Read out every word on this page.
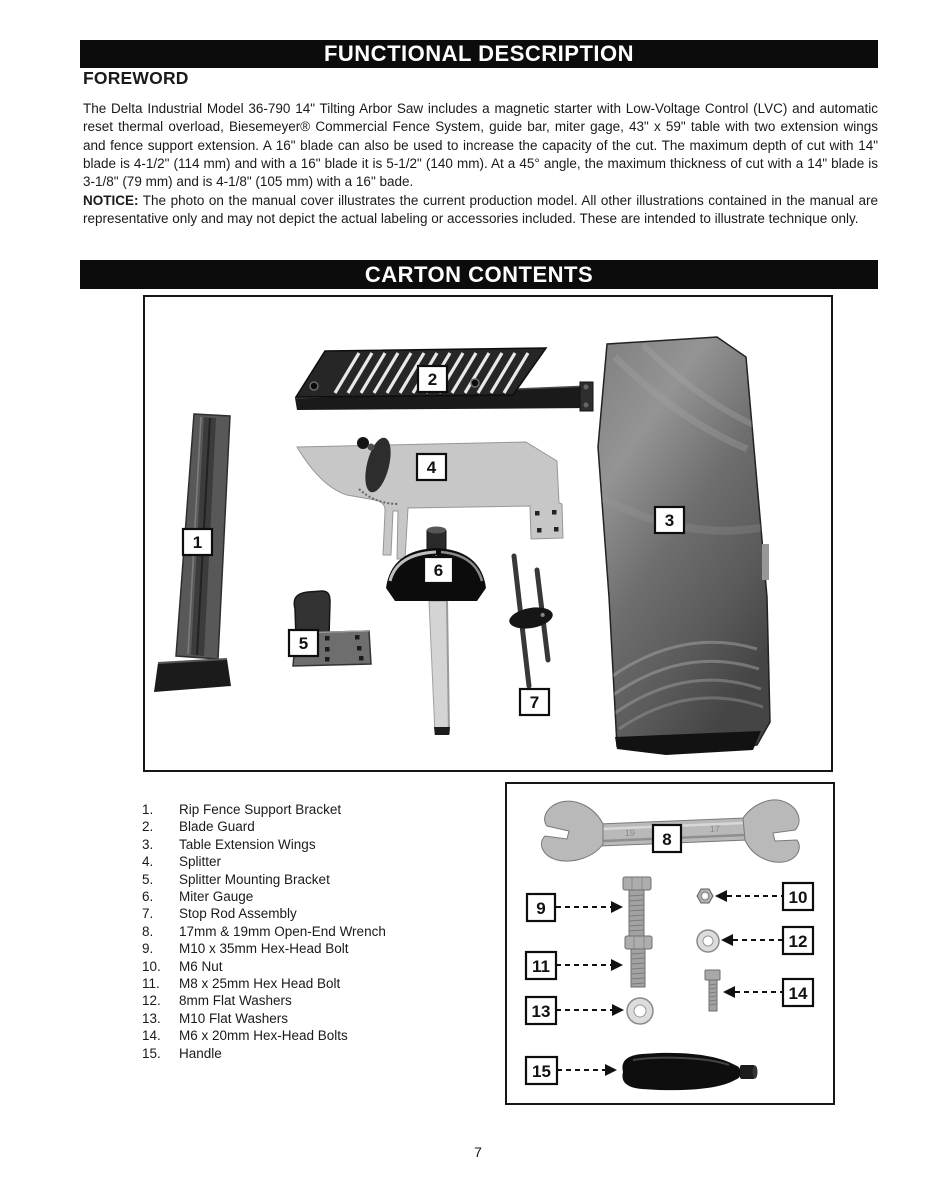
FUNCTIONAL DESCRIPTION
FOREWORD

The Delta Industrial Model 36-790 14" Tilting Arbor Saw includes a magnetic starter with Low-Voltage Control (LVC) and automatic reset thermal overload, Biesemeyer® Commercial Fence System, guide bar, miter gage, 43" x 59" table with two extension wings and fence support extension. A 16" blade can also be used to increase the capacity of the cut. The maximum depth of cut with 14" blade is 4-1/2" (114 mm) and with a 16" blade it is 5-1/2" (140 mm). At a 45° angle, the maximum thickness of cut with a 14" blade is 3-1/8" (79 mm) and is 4-1/8" (105 mm) with a 16" bade.

NOTICE: The photo on the manual cover illustrates the current production model. All other illustrations contained in the manual are representative only and may not depict the actual labeling or accessories included. These are intended to illustrate technique only.

CARTON CONTENTS
1
2
3
4
5
6
7
1.	Rip Fence Support Bracket
2.	Blade Guard
3.	Table Extension Wings
4.	Splitter
5.	Splitter Mounting Bracket
6.	Miter Gauge
7.	Stop Rod Assembly
8.	17mm & 19mm Open-End Wrench
9.	M10 x 35mm Hex-Head Bolt
10.	M6 Nut
11.	M8 x 25mm Hex Head Bolt
12.	8mm Flat Washers
13.	M10 Flat Washers
14.	M6 x 20mm Hex-Head Bolts
15.	Handle
19	17
8
9
10
11
12
13
14
15
7
